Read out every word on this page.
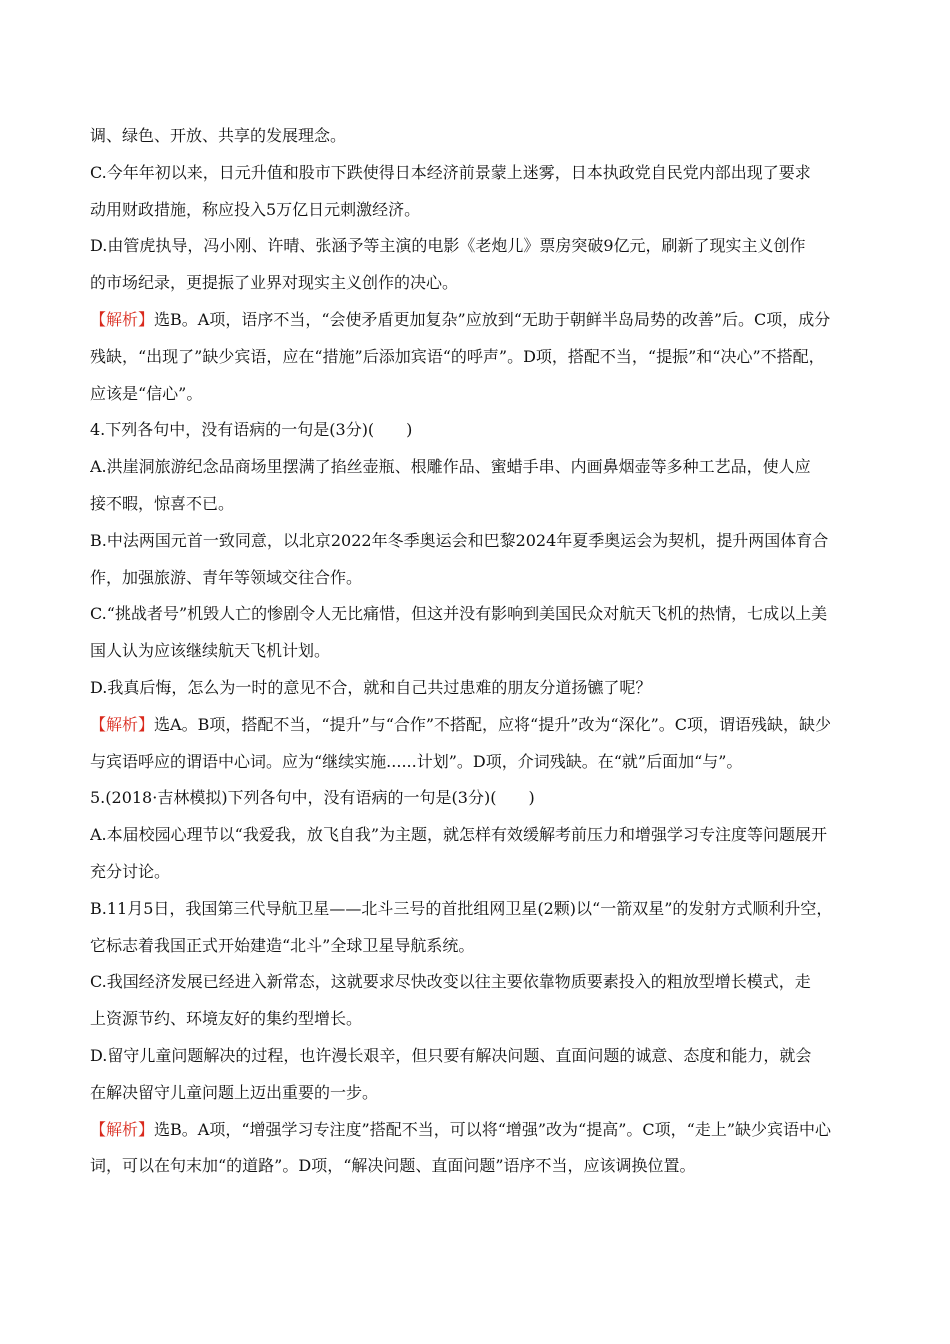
调、绿色、开放、共享的发展理念。
C.今年年初以来，日元升值和股市下跌使得日本经济前景蒙上迷雾，日本执政党自民党内部出现了要求
动用财政措施，称应投入5万亿日元刺激经济。
D.由管虎执导，冯小刚、许晴、张涵予等主演的电影《老炮儿》票房突破9亿元，刷新了现实主义创作
的市场纪录，更提振了业界对现实主义创作的决心。
【解析】选B。A项，语序不当，“会使矛盾更加复杂”应放到“无助于朝鲜半岛局势的改善”后。C项，成分
残缺，“出现了”缺少宾语，应在“措施”后添加宾语“的呼声”。D项，搭配不当，“提振”和“决心”不搭配，
应该是“信心”。
4.下列各句中，没有语病的一句是(3分)(　　)
A.洪崖洞旅游纪念品商场里摆满了掐丝壶瓶、根雕作品、蜜蜡手串、内画鼻烟壶等多种工艺品，使人应
接不暇，惊喜不已。
B.中法两国元首一致同意，以北京2022年冬季奥运会和巴黎2024年夏季奥运会为契机，提升两国体育合
作，加强旅游、青年等领域交往合作。
C.“挑战者号”机毁人亡的惨剧令人无比痛惜，但这并没有影响到美国民众对航天飞机的热情，七成以上美
国人认为应该继续航天飞机计划。
D.我真后悔，怎么为一时的意见不合，就和自己共过患难的朋友分道扬镳了呢？
【解析】选A。B项，搭配不当，“提升”与“合作”不搭配，应将“提升”改为“深化”。C项，谓语残缺，缺少
与宾语呼应的谓语中心词。应为“继续实施......计划”。D项，介词残缺。在“就”后面加“与”。
5.(2018·吉林模拟)下列各句中，没有语病的一句是(3分)(　　)
A.本届校园心理节以“我爱我，放飞自我”为主题，就怎样有效缓解考前压力和增强学习专注度等问题展开
充分讨论。
B.11月5日，我国第三代导航卫星——北斗三号的首批组网卫星(2颗)以“一箭双星”的发射方式顺利升空，
它标志着我国正式开始建造“北斗”全球卫星导航系统。
C.我国经济发展已经进入新常态，这就要求尽快改变以往主要依靠物质要素投入的粗放型增长模式，走
上资源节约、环境友好的集约型增长。
D.留守儿童问题解决的过程，也许漫长艰辛，但只要有解决问题、直面问题的诚意、态度和能力，就会
在解决留守儿童问题上迈出重要的一步。
【解析】选B。A项，“增强学习专注度”搭配不当，可以将“增强”改为“提高”。C项，“走上”缺少宾语中心
词，可以在句末加“的道路”。D项，“解决问题、直面问题”语序不当，应该调换位置。
